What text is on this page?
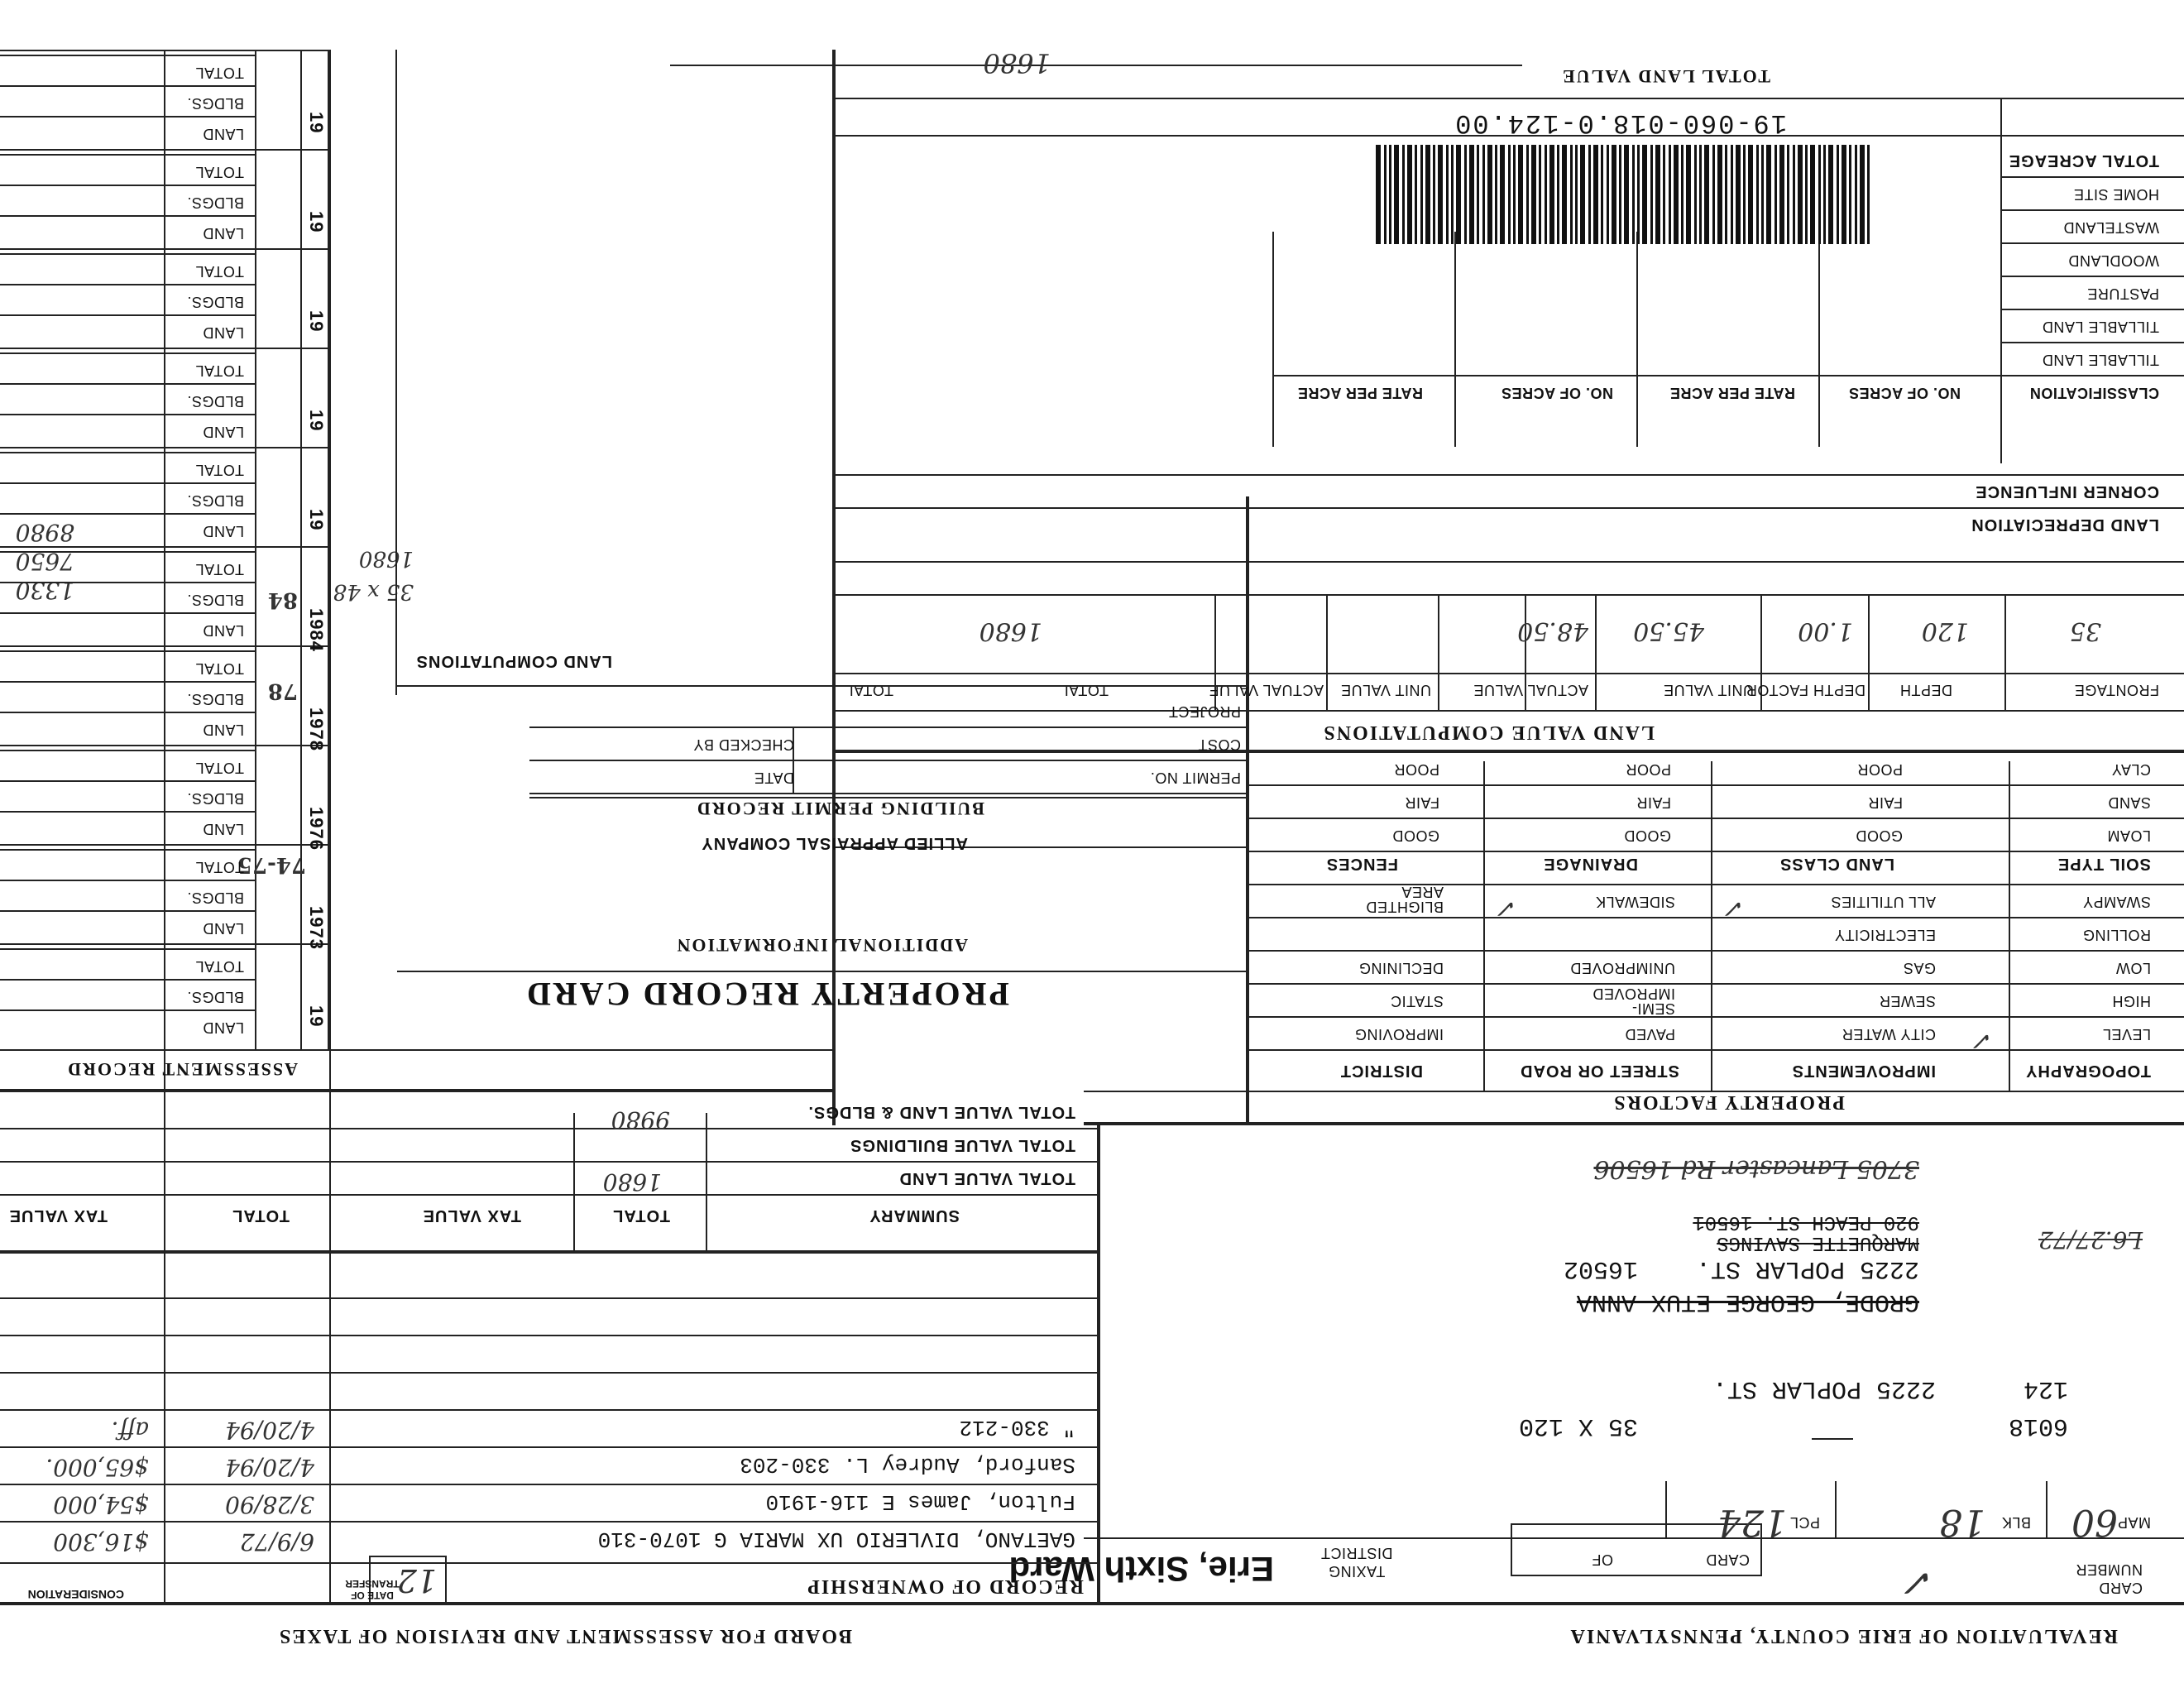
REVALUATION OF ERIE COUNTY, PENNSYLVANIA
BOARD FOR ASSESSMENT AND REVISION OF TAXES
CARD NUMBER
✓
CARD
OF
TAXING DISTRICT
Erie, Sixth Ward
12
MAP
60
BLK
18
PCL
124
6018
35 X 120
124
2225 POPLAR ST.
GRODE, GEORGE ETUX ANNA
2225 POPLAR ST.
16502
MARQUETTE SAVINGS
920 PEACH ST. 16501
L6.27/72
3705 Lancaster Rd 16506
PROPERTY FACTORS
TOPOGRAPHY
IMPROVEMENTS
STREET OR ROAD
DISTRICT
LEVEL
CITY WATER
PAVED
IMPROVING
HIGH
SEWER
SEMI-IMPROVED
STATIC
LOW
GAS
UNIMPROVED
DECLINING
ROLLING
ELECTRICITY
SWAMPY
ALL UTILITIES
SIDEWALK
BLIGHTED AREA
✓
✓
✓
SOIL TYPE
LAND CLASS
DRAINAGE
FENCES
LOAM
GOOD
GOOD
GOOD
SAND
FAIR
FAIR
FAIR
CLAY
POOR
POOR
POOR
LAND VALUE COMPUTATIONS
FRONTAGE
DEPTH
DEPTH FACTOR
UNIT VALUE
ACTUAL VALUE
UNIT VALUE
ACTUAL VALUE
TOTAL
TOTAL
35
120
1.00
45.50
48.50
1680
LAND DEPRECIATION
CORNER INFLUENCE
CLASSIFICATION
NO. OF ACRES
RATE PER ACRE
NO. OF ACRES
RATE PER ACRE
TILLABLE LAND
TILLABLE LAND
PASTURE
WOODLAND
WASTELAND
HOME SITE
TOTAL ACREAGE
TOTAL LAND VALUE
1680
19-060-018.0-124.00
PROPERTY RECORD CARD
ADDITIONAL INFORMATION
ALLIED APPRAISAL COMPANY
BUILDING PERMIT RECORD
PERMIT NO.
DATE
COST
CHECKED BY
PROJECT
LAND COMPUTATIONS
35 x 48
1680
RECORD OF OWNERSHIP
DATE OF TRANSFER
CONSIDERATION
GAETANO, DIVLERIO UX MARIA G 1070-310
6/9/72
$16,300
Fulton, James E 116-1910
3/28/90
$54,000
Sanford, Audrey L. 330-203
4/20/94
$65,000.
" 330-212
4/20/94
aff.
SUMMARY
TOTAL
TAX VALUE
TOTAL
TAX VALUE
TOTAL VALUE LAND
1680
TOTAL VALUE BUILDINGS
TOTAL VALUE LAND & BLDGS.
9980
ASSESSMENT RECORD
74-75
78
84
1330
7650
8980
19
LAND
BLDGS.
TOTAL
1973
LAND
BLDGS.
TOTAL
1976
LAND
BLDGS.
TOTAL
1978
LAND
BLDGS.
TOTAL
1984
LAND
BLDGS.
TOTAL
19
LAND
BLDGS.
TOTAL
19
LAND
BLDGS.
TOTAL
19
LAND
BLDGS.
TOTAL
19
LAND
BLDGS.
TOTAL
19
LAND
BLDGS.
TOTAL
